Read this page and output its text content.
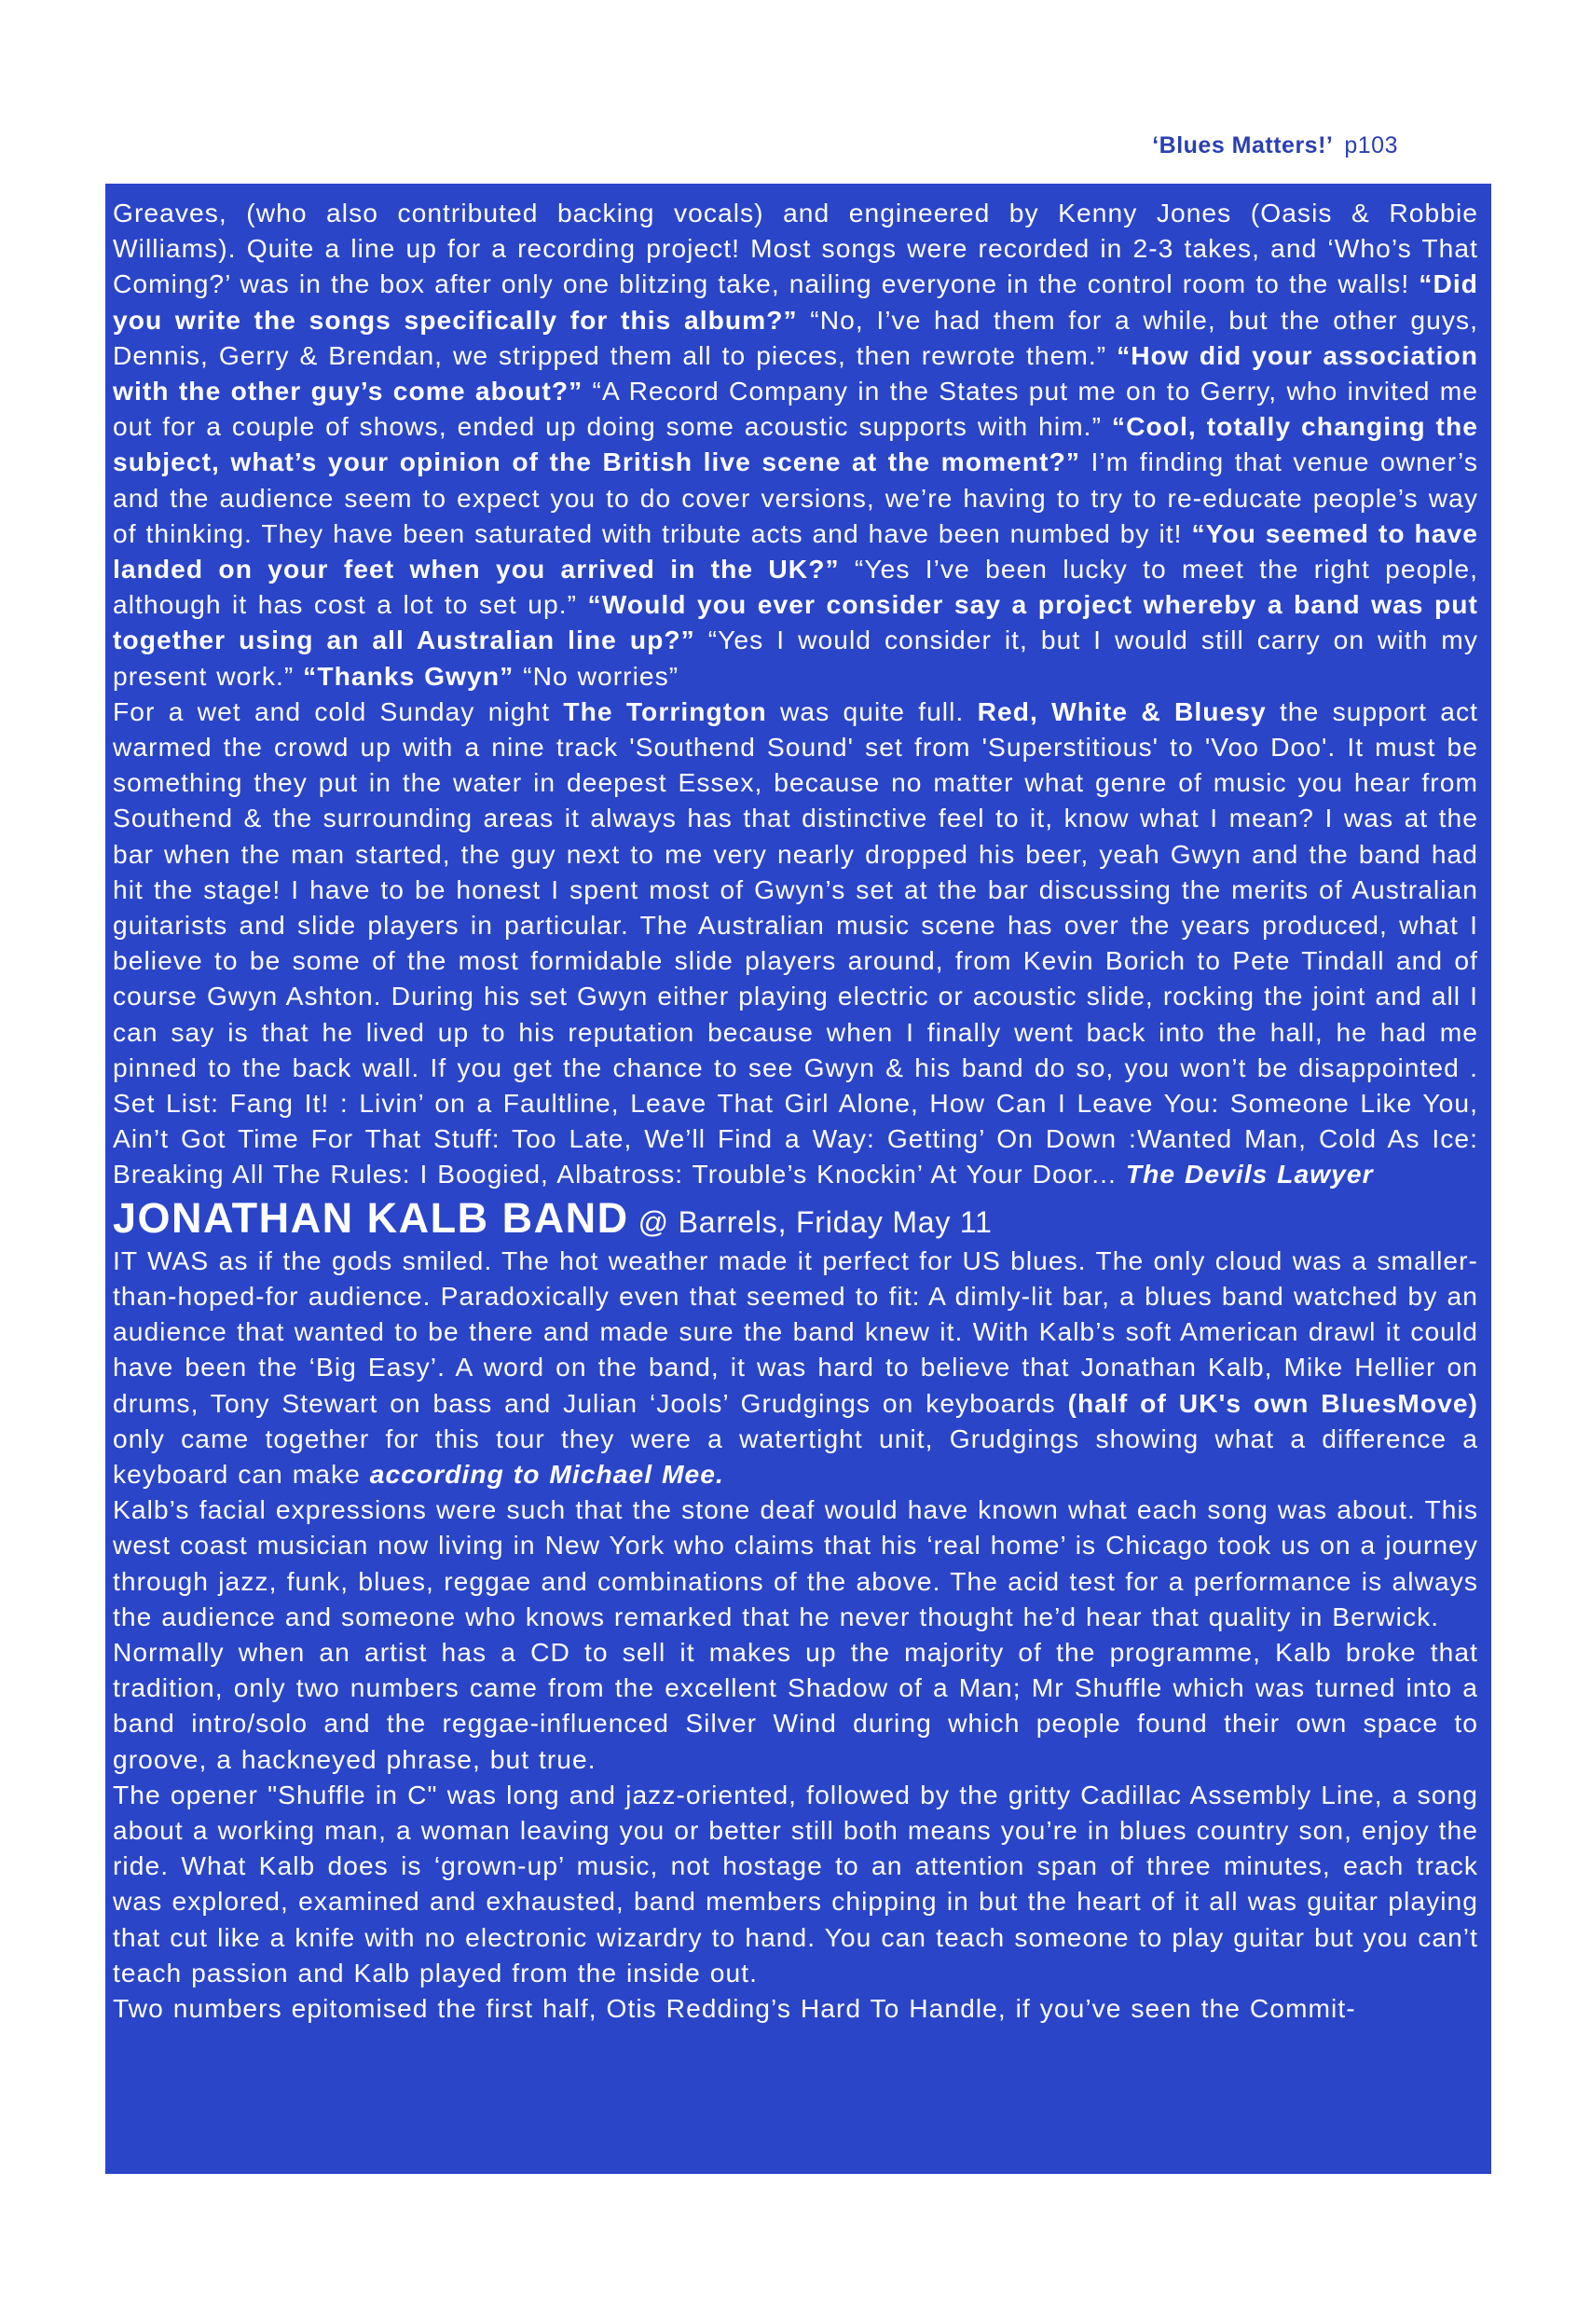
‘Blues Matters!’ p103

Greaves, (who also contributed backing vocals) and engineered by Kenny Jones (Oasis & Robbie Williams). Quite a line up for a recording project! Most songs were recorded in 2-3 takes, and ‘Who’s That Coming?’ was in the box after only one blitzing take, nailing everyone in the control room to the walls! “Did you write the songs specifically for this album?” “No, I’ve had them for a while, but the other guys, Dennis, Gerry & Brendan, we stripped them all to pieces, then rewrote them.” “How did your association with the other guy’s come about?” “A Record Company in the States put me on to Gerry, who invited me out for a couple of shows, ended up doing some acoustic supports with him.” “Cool, totally changing the subject, what’s your opinion of the British live scene at the moment?” I’m finding that venue owner’s and the audience seem to expect you to do cover versions, we’re having to try to re-educate people’s way of thinking. They have been saturated with tribute acts and have been numbed by it! “You seemed to have landed on your feet when you arrived in the UK?” “Yes I’ve been lucky to meet the right people, although it has cost a lot to set up.” “Would you ever consider say a project whereby a band was put together using an all Australian line up?” “Yes I would consider it, but I would still carry on with my present work.” “Thanks Gwyn” “No worries”

For a wet and cold Sunday night The Torrington was quite full. Red, White & Bluesy the support act warmed the crowd up with a nine track 'Southend Sound' set from 'Superstitious' to 'Voo Doo'. It must be something they put in the water in deepest Essex, because no matter what genre of music you hear from Southend & the surrounding areas it always has that distinctive feel to it, know what I mean? I was at the bar when the man started, the guy next to me very nearly dropped his beer, yeah Gwyn and the band had hit the stage! I have to be honest I spent most of Gwyn’s set at the bar discussing the merits of Australian guitarists and slide players in particular. The Australian music scene has over the years produced, what I believe to be some of the most formidable slide players around, from Kevin Borich to Pete Tindall and of course Gwyn Ashton. During his set Gwyn either playing electric or acoustic slide, rocking the joint and all I can say is that he lived up to his reputation because when I finally went back into the hall, he had me pinned to the back wall. If you get the chance to see Gwyn & his band do so, you won’t be disappointed . Set List: Fang It! : Livin’ on a Faultline, Leave That Girl Alone, How Can I Leave You: Someone Like You, Ain’t Got Time For That Stuff: Too Late, We’ll Find a Way: Getting’ On Down :Wanted Man, Cold As Ice: Breaking All The Rules: I Boogied, Albatross: Trouble’s Knockin’ At Your Door... The Devils Lawyer

JONATHAN KALB BAND @ Barrels, Friday May 11

IT WAS as if the gods smiled. The hot weather made it perfect for US blues. The only cloud was a smaller-than-hoped-for audience. Paradoxically even that seemed to fit: A dimly-lit bar, a blues band watched by an audience that wanted to be there and made sure the band knew it. With Kalb’s soft American drawl it could have been the ‘Big Easy’. A word on the band, it was hard to believe that Jonathan Kalb, Mike Hellier on drums, Tony Stewart on bass and Julian ‘Jools’ Grudgings on keyboards (half of UK's own BluesMove) only came together for this tour they were a watertight unit, Grudgings showing what a difference a keyboard can make according to Michael Mee.

Kalb’s facial expressions were such that the stone deaf would have known what each song was about. This west coast musician now living in New York who claims that his ‘real home’ is Chicago took us on a journey through jazz, funk, blues, reggae and combinations of the above. The acid test for a performance is always the audience and someone who knows remarked that he never thought he’d hear that quality in Berwick.

Normally when an artist has a CD to sell it makes up the majority of the programme, Kalb broke that tradition, only two numbers came from the excellent Shadow of a Man; Mr Shuffle which was turned into a band intro/solo and the reggae-influenced Silver Wind during which people found their own space to groove, a hackneyed phrase, but true.

The opener "Shuffle in C" was long and jazz-oriented, followed by the gritty Cadillac Assembly Line, a song about a working man, a woman leaving you or better still both means you’re in blues country son, enjoy the ride. What Kalb does is ‘grown-up’ music, not hostage to an attention span of three minutes, each track was explored, examined and exhausted, band members chipping in but the heart of it all was guitar playing that cut like a knife with no electronic wizardry to hand. You can teach someone to play guitar but you can’t teach passion and Kalb played from the inside out.

Two numbers epitomised the first half, Otis Redding’s Hard To Handle, if you’ve seen the Commit-
